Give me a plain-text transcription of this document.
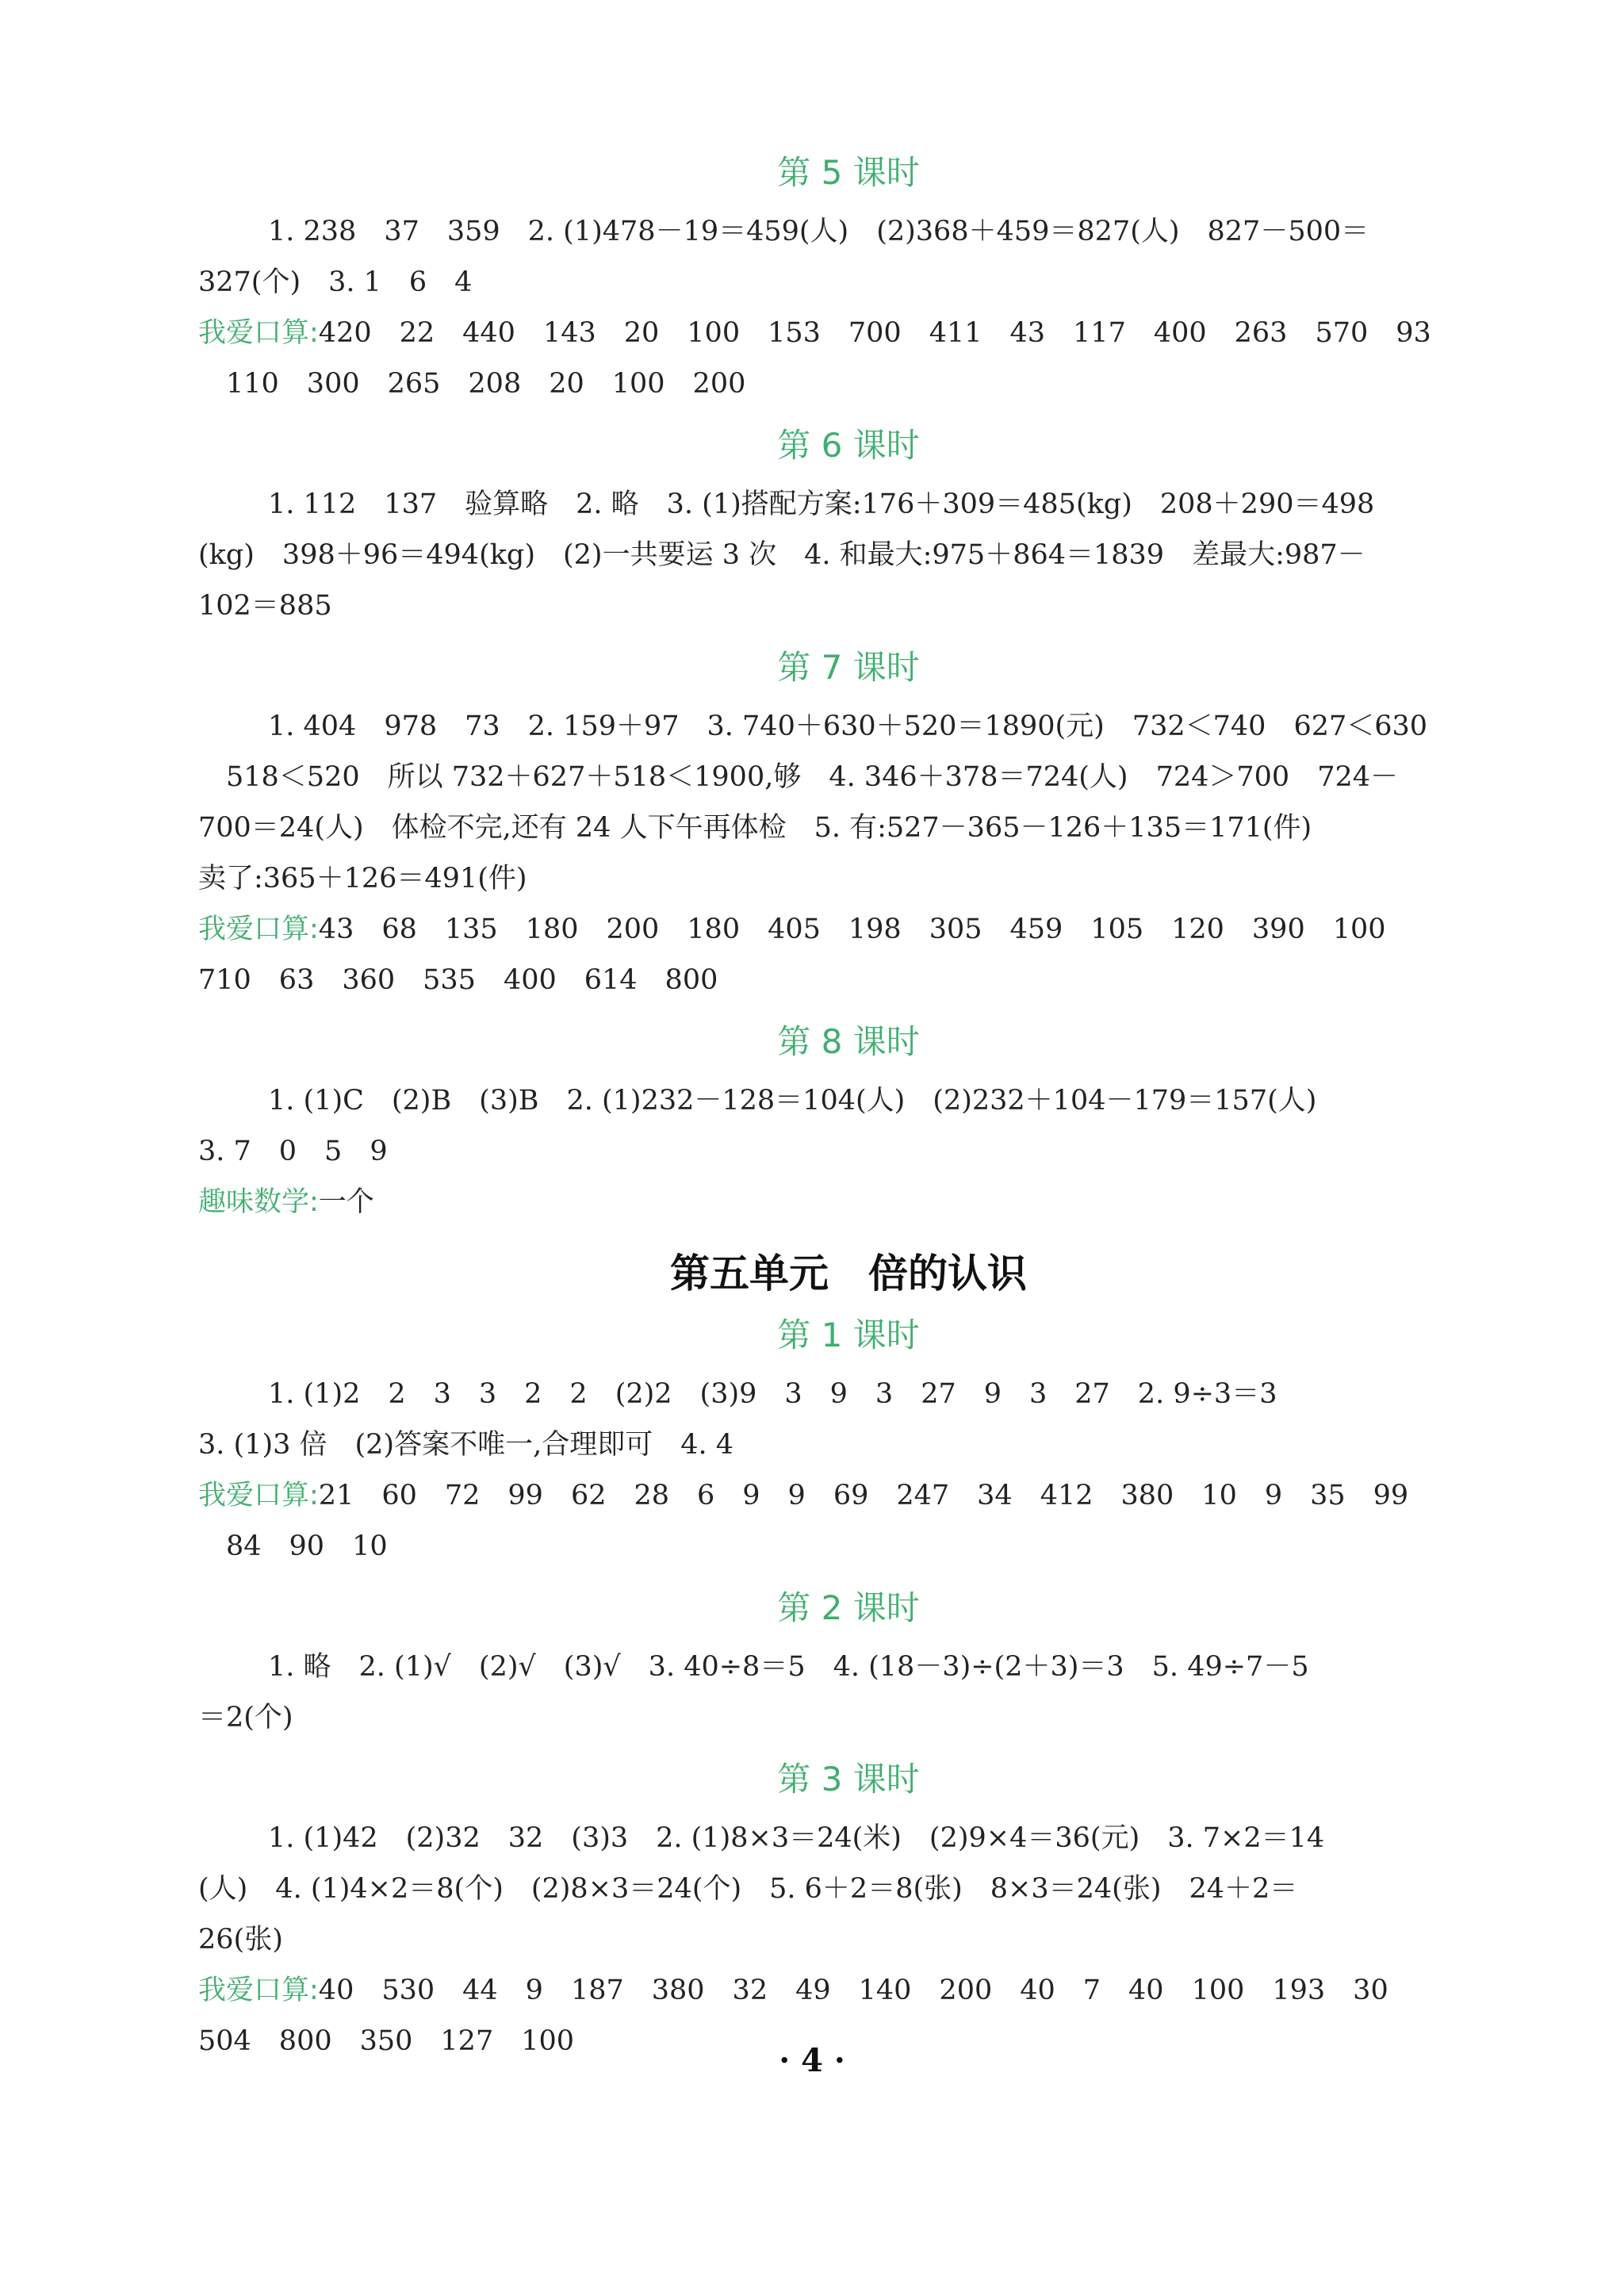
第 5 课时

1. 238　37　359　2. (1)478－19＝459(人)　(2)368＋459＝827(人)　827－500＝

327(个)　3. 1　6　4

我爱口算:420　22　440　143　20　100　153　700　411　43　117　400　263　570　93

　110　300　265　208　20　100　200

第 6 课时

1. 112　137　验算略　2. 略　3. (1)搭配方案:176＋309＝485(kg)　208＋290＝498

(kg)　398＋96＝494(kg)　(2)一共要运 3 次　4. 和最大:975＋864＝1839　差最大:987－

102＝885

第 7 课时

1. 404　978　73　2. 159＋97　3. 740＋630＋520＝1890(元)　732＜740　627＜630

　518＜520　所以 732＋627＋518＜1900,够　4. 346＋378＝724(人)　724＞700　724－

700＝24(人)　体检不完,还有 24 人下午再体检　5. 有:527－365－126＋135＝171(件)

卖了:365＋126＝491(件)

我爱口算:43　68　135　180　200　180　405　198　305　459　105　120　390　100

710　63　360　535　400　614　800

第 8 课时

1. (1)C　(2)B　(3)B　2. (1)232－128＝104(人)　(2)232＋104－179＝157(人)

3. 7　0　5　9

趣味数学:一个

第五单元　倍的认识
第 1 课时

1. (1)2　2　3　3　2　2　(2)2　(3)9　3　9　3　27　9　3　27　2. 9÷3＝3

3. (1)3 倍　(2)答案不唯一,合理即可　4. 4

我爱口算:21　60　72　99　62　28　6　9　9　69　247　34　412　380　10　9　35　99

　84　90　10

第 2 课时

1. 略　2. (1)√　(2)√　(3)√　3. 40÷8＝5　4. (18－3)÷(2＋3)＝3　5. 49÷7－5

＝2(个)

第 3 课时

1. (1)42　(2)32　32　(3)3　2. (1)8×3＝24(米)　(2)9×4＝36(元)　3. 7×2＝14

(人)　4. (1)4×2＝8(个)　(2)8×3＝24(个)　5. 6＋2＝8(张)　8×3＝24(张)　24＋2＝

26(张)

我爱口算:40　530　44　9　187　380　32　49　140　200　40　7　40　100　193　30

504　800　350　127　100

· 4 ·
